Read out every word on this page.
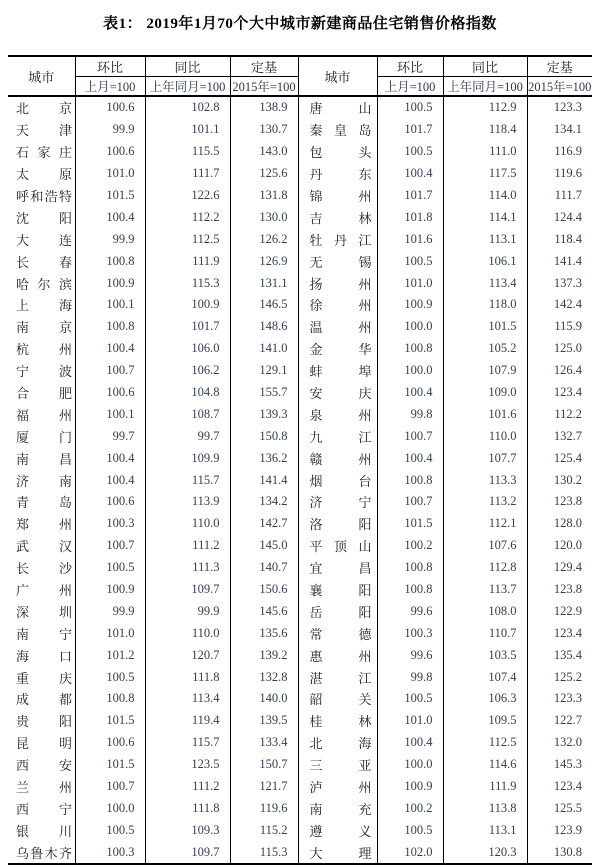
表1： 2019年1月70个大中城市新建商品住宅销售价格指数
城市	环比	同比	定基	城市	环比	同比	定基
	上月=100	上年同月=100	2015年=100		上月=100	上年同月=100	2015年=100
北京	100.6	102.8	138.9	唐山	100.5	112.9	123.3
天津	99.9	101.1	130.7	秦皇岛	101.7	118.4	134.1
石家庄	100.6	115.5	143.0	包头	100.5	111.0	116.9
太原	101.0	111.7	125.6	丹东	100.4	117.5	119.6
呼和浩特	101.5	122.6	131.8	锦州	101.7	114.0	111.7
沈阳	100.4	112.2	130.0	吉林	101.8	114.1	124.4
大连	99.9	112.5	126.2	牡丹江	101.6	113.1	118.4
长春	100.8	111.9	126.9	无锡	100.5	106.1	141.4
哈尔滨	100.9	115.3	131.1	扬州	101.0	113.4	137.3
上海	100.1	100.9	146.5	徐州	100.9	118.0	142.4
南京	100.8	101.7	148.6	温州	100.0	101.5	115.9
杭州	100.4	106.0	141.0	金华	100.8	105.2	125.0
宁波	100.7	106.2	129.1	蚌埠	100.0	107.9	126.4
合肥	100.6	104.8	155.7	安庆	100.4	109.0	123.4
福州	100.1	108.7	139.3	泉州	99.8	101.6	112.2
厦门	99.7	99.7	150.8	九江	100.7	110.0	132.7
南昌	100.4	109.9	136.2	赣州	100.4	107.7	125.4
济南	100.4	115.7	141.4	烟台	100.8	113.3	130.2
青岛	100.6	113.9	134.2	济宁	100.7	113.2	123.8
郑州	100.3	110.0	142.7	洛阳	101.5	112.1	128.0
武汉	100.7	111.2	145.0	平顶山	100.2	107.6	120.0
长沙	100.5	111.3	140.7	宜昌	100.8	112.8	129.4
广州	100.9	109.7	150.6	襄阳	100.8	113.7	123.8
深圳	99.9	99.9	145.6	岳阳	99.6	108.0	122.9
南宁	101.0	110.0	135.6	常德	100.3	110.7	123.4
海口	101.2	120.7	139.2	惠州	99.6	103.5	135.4
重庆	100.5	111.8	132.8	湛江	99.8	107.4	125.2
成都	100.8	113.4	140.0	韶关	100.5	106.3	123.3
贵阳	101.5	119.4	139.5	桂林	101.0	109.5	122.7
昆明	100.6	115.7	133.4	北海	100.4	112.5	132.0
西安	101.5	123.5	150.7	三亚	100.0	114.6	145.3
兰州	100.7	111.2	121.7	泸州	100.9	111.9	123.4
西宁	100.0	111.8	119.6	南充	100.2	113.8	125.5
银川	100.5	109.3	115.2	遵义	100.5	113.1	123.9
乌鲁木齐	100.3	109.7	115.3	大理	102.0	120.3	130.8
